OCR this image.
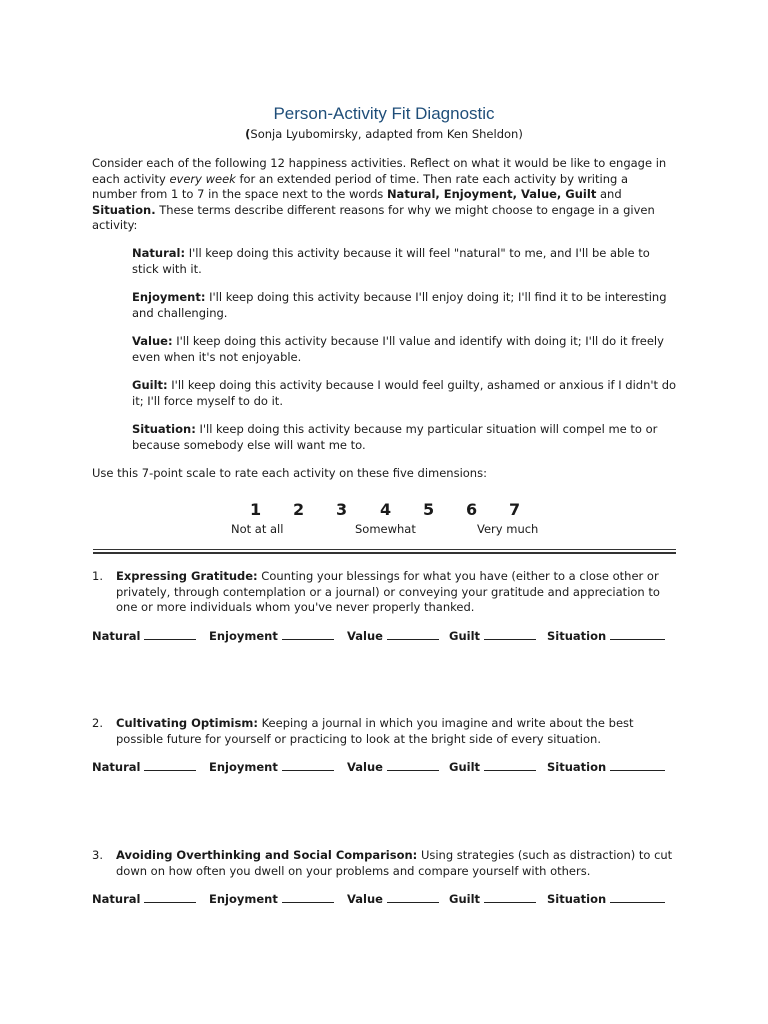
Person-Activity Fit Diagnostic
(Sonja Lyubomirsky, adapted from Ken Sheldon)
Consider each of the following 12 happiness activities. Reflect on what it would be like to engage in each activity every week for an extended period of time. Then rate each activity by writing a number from 1 to 7 in the space next to the words Natural, Enjoyment, Value, Guilt and Situation. These terms describe different reasons for why we might choose to engage in a given activity:
Natural: I'll keep doing this activity because it will feel "natural" to me, and I'll be able to stick with it.
Enjoyment: I'll keep doing this activity because I'll enjoy doing it; I'll find it to be interesting and challenging.
Value: I'll keep doing this activity because I'll value and identify with doing it; I'll do it freely even when it's not enjoyable.
Guilt: I'll keep doing this activity because I would feel guilty, ashamed or anxious if I didn't do it; I'll force myself to do it.
Situation: I'll keep doing this activity because my particular situation will compel me to or because somebody else will want me to.
Use this 7-point scale to rate each activity on these five dimensions:
1 2 3 4 5 6 7
Not at all	Somewhat	Very much
1. Expressing Gratitude: Counting your blessings for what you have (either to a close other or privately, through contemplation or a journal) or conveying your gratitude and appreciation to one or more individuals whom you've never properly thanked.
Natural	Enjoyment	Value	Guilt	Situation
2. Cultivating Optimism: Keeping a journal in which you imagine and write about the best possible future for yourself or practicing to look at the bright side of every situation.
Natural	Enjoyment	Value	Guilt	Situation
3. Avoiding Overthinking and Social Comparison: Using strategies (such as distraction) to cut down on how often you dwell on your problems and compare yourself with others.
Natural	Enjoyment	Value	Guilt	Situation
